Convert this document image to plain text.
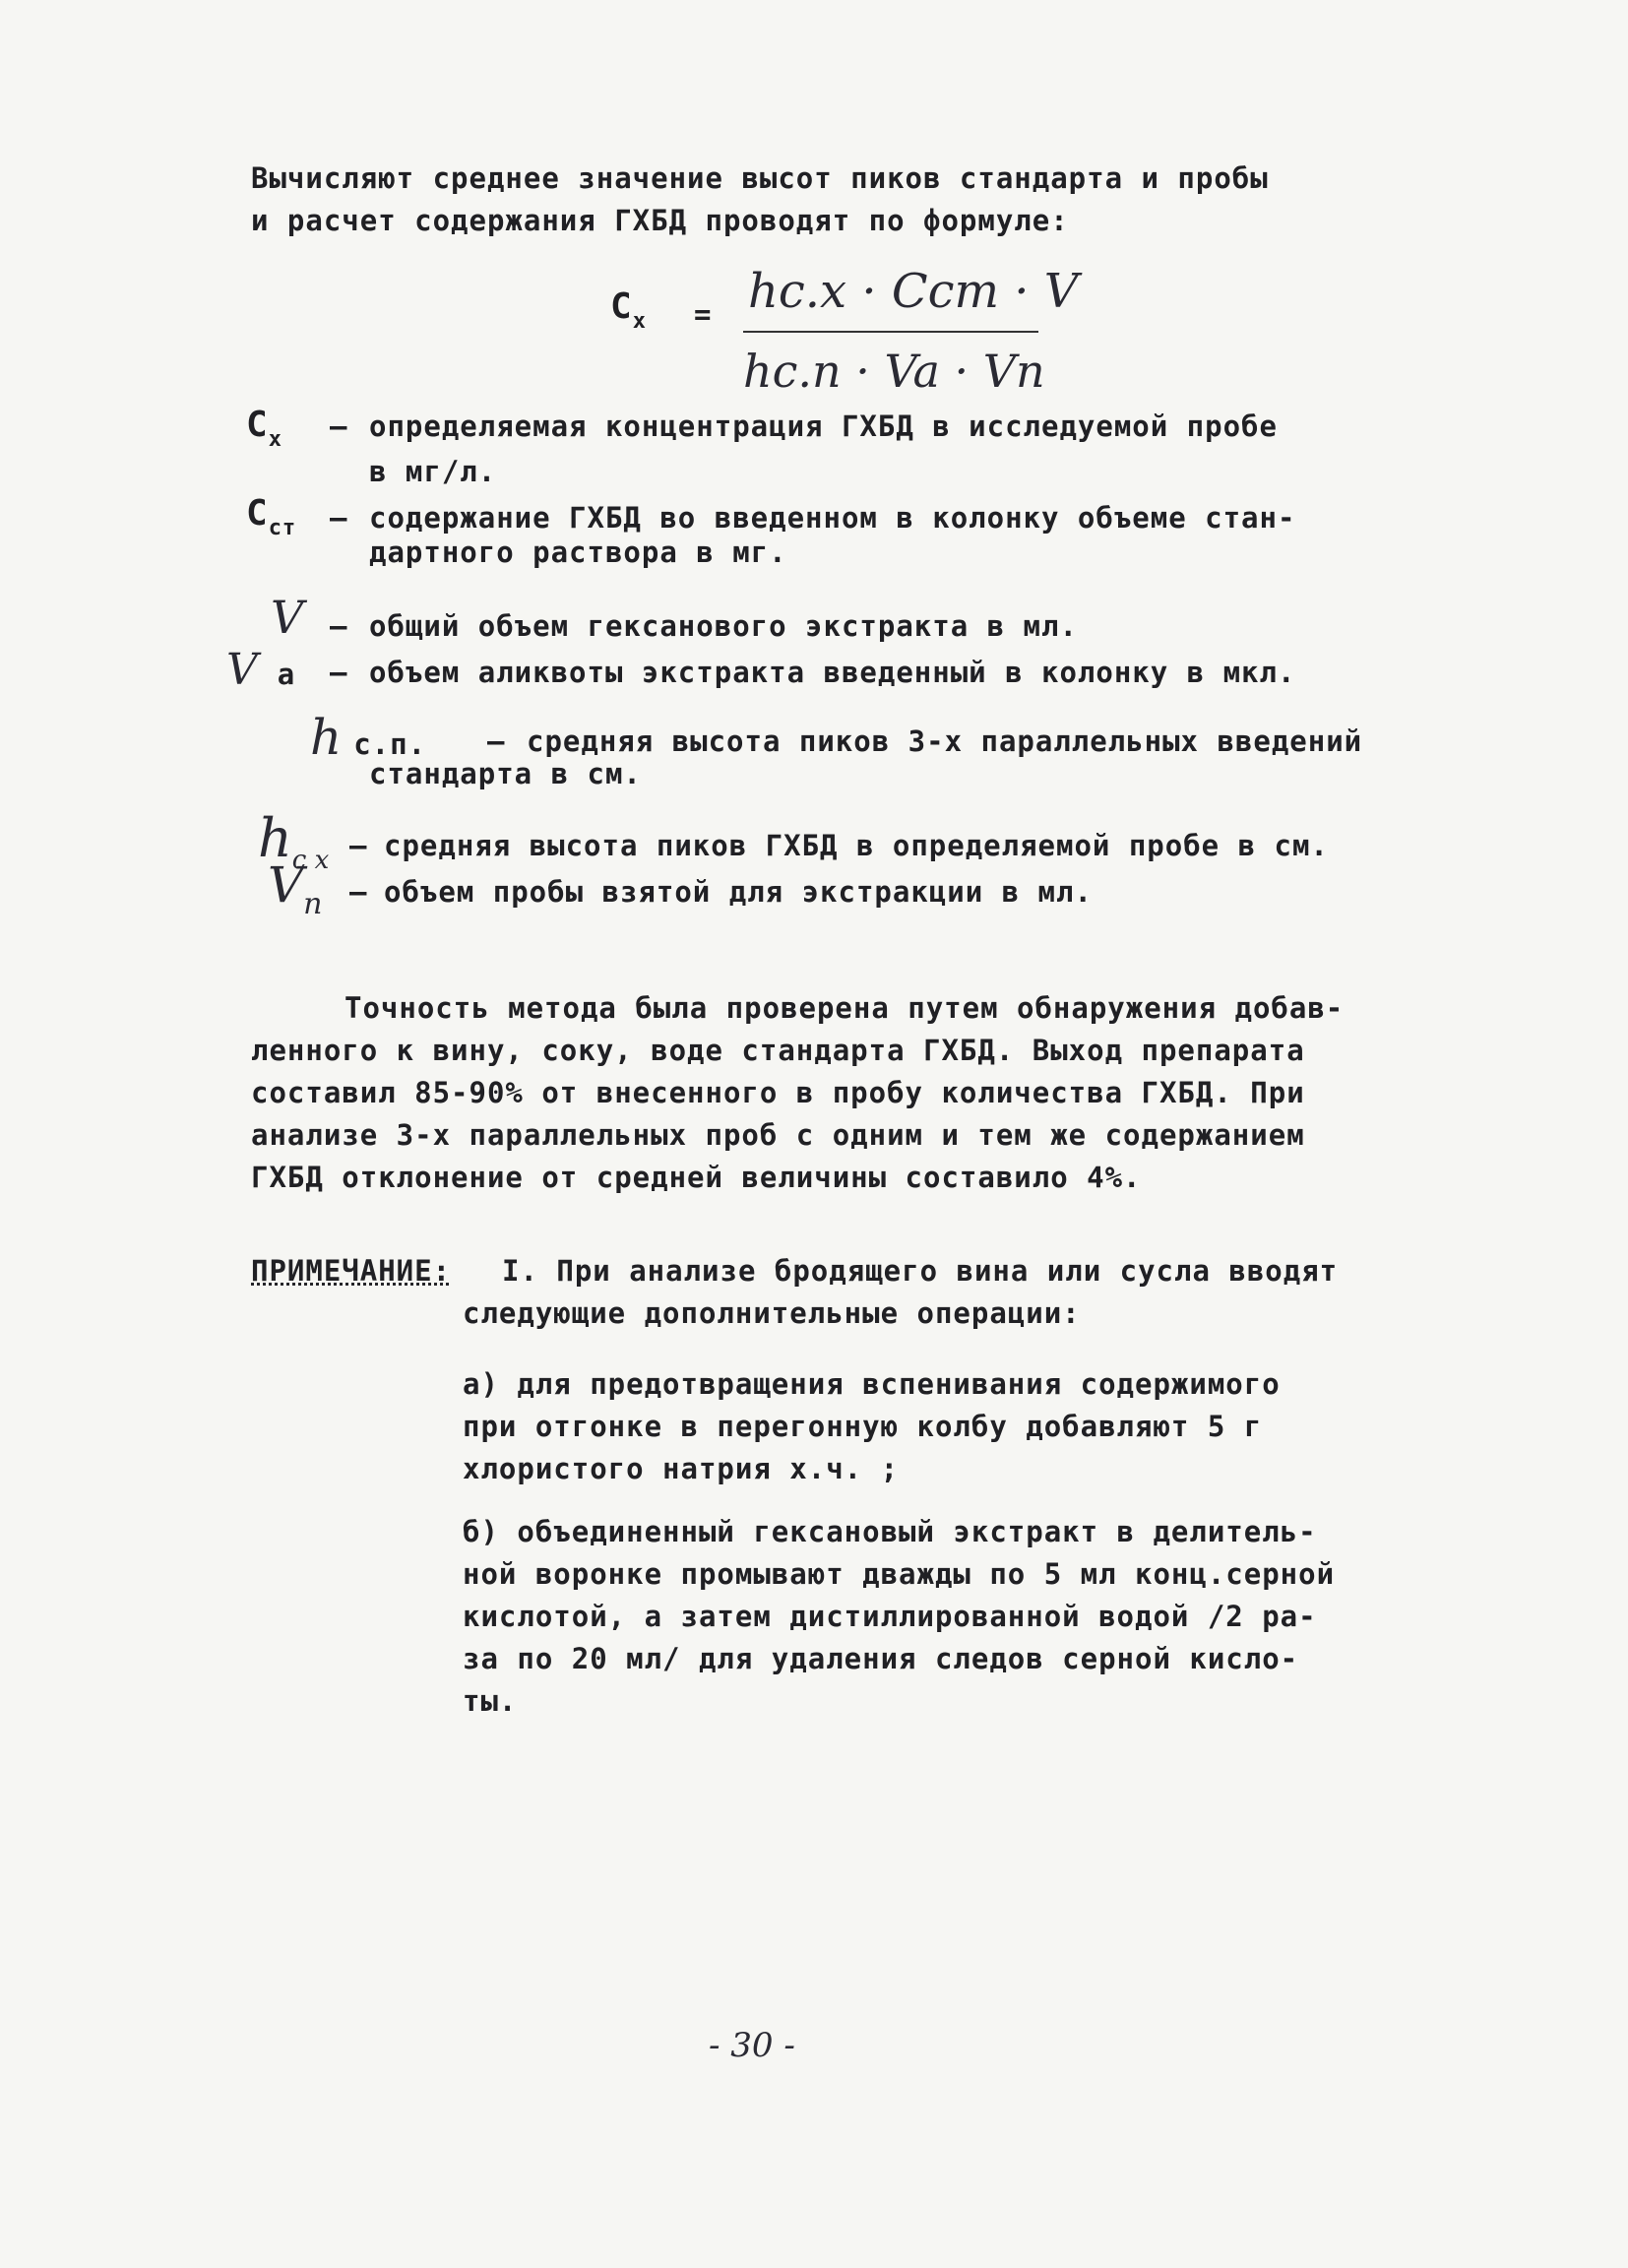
Вычисляют среднее значение высот пиков стандарта и пробы
и расчет содержания ГХБД проводят по формуле:
Cх = hс.х · Сст · V
hс.п · Va · Vп
Cх – определяемая концентрация ГХБД в исследуемой пробе
в мг/л.
Cст – содержание ГХБД во введенном в колонку объеме стан-
дартного раствора в мг.
V – общий объем гексанового экстракта в мл.
Va – объем аликвоты экстракта введенный в колонку в мкл.
hс.п. – средняя высота пиков 3-х параллельных введений
стандарта в см.
hс х – средняя высота пиков ГХБД в определяемой пробе в см.
Vп – объем пробы взятой для экстракции в мл.
Точность метода была проверена путем обнаружения добав-
ленного к вину, соку, воде стандарта ГХБД. Выход препарата
составил 85-90% от внесенного в пробу количества ГХБД. При
анализе 3-х параллельных проб с одним и тем же содержанием
ГХБД отклонение от средней величины составило 4%.
ПРИМЕЧАНИЕ: I. При анализе бродящего вина или сусла вводят
следующие дополнительные операции:
а) для предотвращения вспенивания содержимого
при отгонке в перегонную колбу добавляют 5 г
хлористого натрия х.ч. ;
б) объединенный гексановый экстракт в делитель-
ной воронке промывают дважды по 5 мл конц.серной
кислотой, а затем дистиллированной водой /2 ра-
за по 20 мл/ для удаления следов серной кисло-
ты.
- 30 -
